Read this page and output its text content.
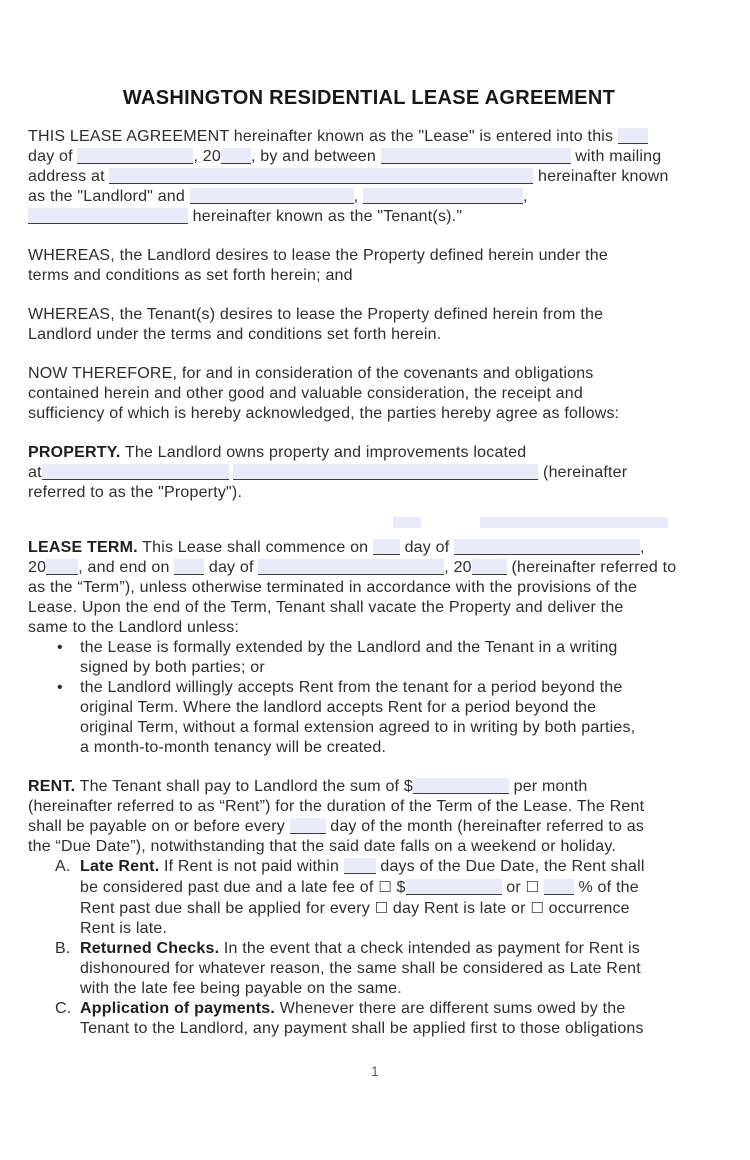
WASHINGTON RESIDENTIAL LEASE AGREEMENT
THIS LEASE AGREEMENT hereinafter known as the "Lease" is entered into this
day of	, 20 , by and between	with mailing
address at	hereinafter known
as the "Landlord" and	,	,
hereinafter known as the "Tenant(s)."
WHEREAS, the Landlord desires to lease the Property defined herein under the
terms and conditions as set forth herein; and
WHEREAS, the Tenant(s) desires to lease the Property defined herein from the
Landlord under the terms and conditions set forth herein.
NOW THEREFORE, for and in consideration of the covenants and obligations
contained herein and other good and valuable consideration, the receipt and
sufficiency of which is hereby acknowledged, the parties hereby agree as follows:
PROPERTY. The Landlord owns property and improvements located
at	(hereinafter
referred to as the "Property").
LEASE TERM. This Lease shall commence on  day of	,
20 , and end on  day of	, 20 (hereinafter referred to
as the “Term”), unless otherwise terminated in accordance with the provisions of the
Lease. Upon the end of the Term, Tenant shall vacate the Property and deliver the
same to the Landlord unless:
•	the Lease is formally extended by the Landlord and the Tenant in a writing
signed by both parties; or
•	the Landlord willingly accepts Rent from the tenant for a period beyond the
original Term. Where the landlord accepts Rent for a period beyond the
original Term, without a formal extension agreed to in writing by both parties,
a month-to-month tenancy will be created.
RENT. The Tenant shall pay to Landlord the sum of $	per month
(hereinafter referred to as “Rent”) for the duration of the Term of the Lease. The Rent
shall be payable on or before every  day of the month (hereinafter referred to as
the “Due Date”), notwithstanding that the said date falls on a weekend or holiday.
A. Late Rent. If Rent is not paid within  days of the Due Date, the Rent shall
be considered past due and a late fee of ☐ $	or ☐  % of the
Rent past due shall be applied for every ☐ day Rent is late or ☐ occurrence
Rent is late.
B. Returned Checks. In the event that a check intended as payment for Rent is
dishonoured for whatever reason, the same shall be considered as Late Rent
with the late fee being payable on the same.
C. Application of payments. Whenever there are different sums owed by the
Tenant to the Landlord, any payment shall be applied first to those obligations
1
